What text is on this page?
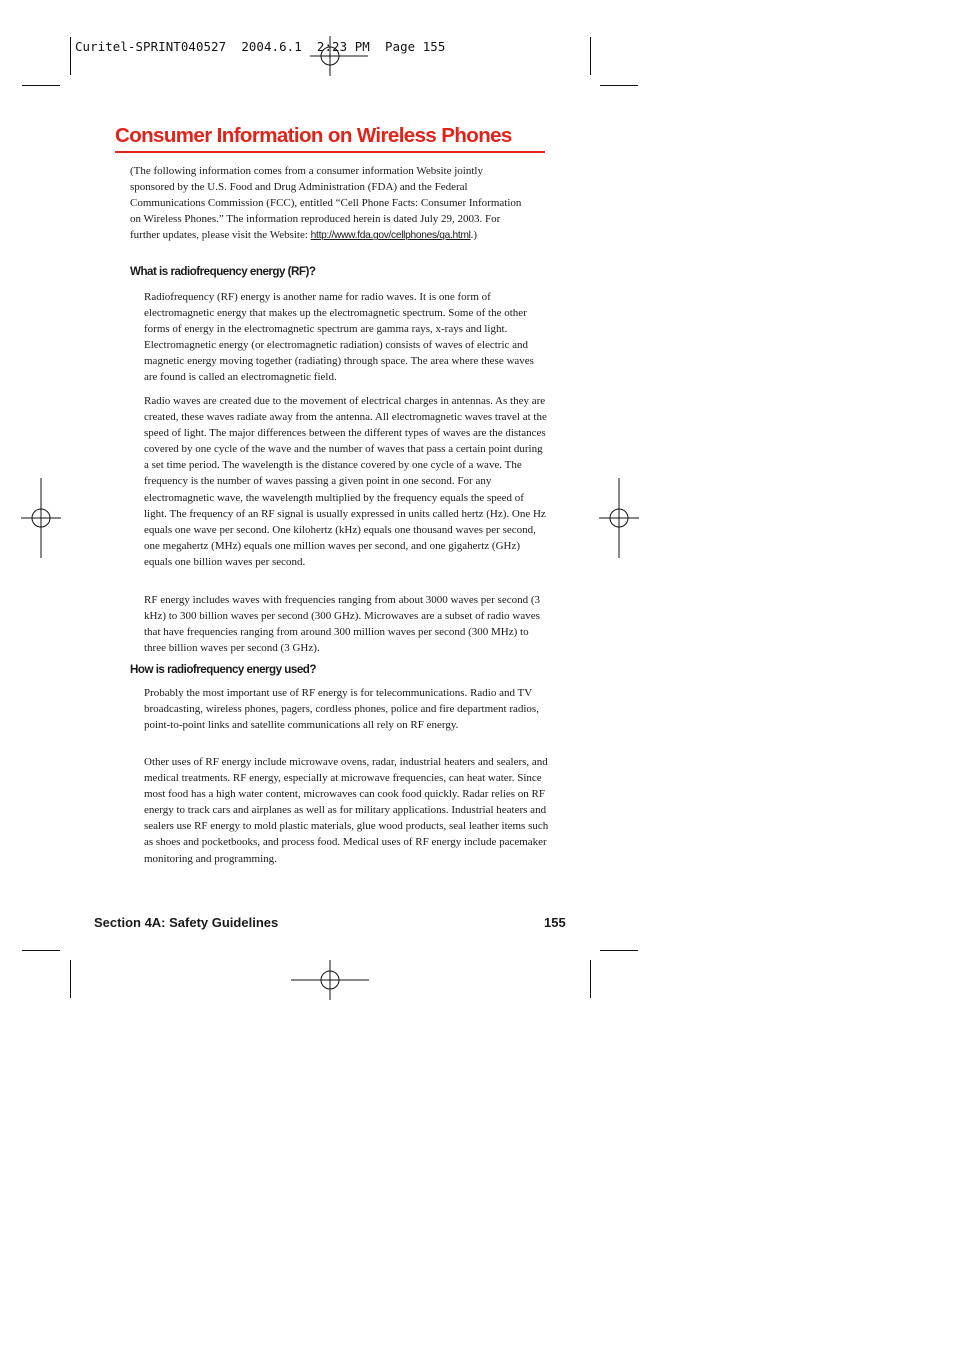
Curitel-SPRINT040527  2004.6.1  2:23 PM  Page 155
Consumer Information on Wireless Phones

(The following information comes from a consumer information Website jointly sponsored by the U.S. Food and Drug Administration (FDA) and the Federal Communications Commission (FCC), entitled “Cell Phone Facts: Consumer Information on Wireless Phones.” The information reproduced herein is dated July 29, 2003. For further updates, please visit the Website: http://www.fda.gov/cellphones/qa.html.)

What is radiofrequency energy (RF)?

Radiofrequency (RF) energy is another name for radio waves. It is one form of electromagnetic energy that makes up the electromagnetic spectrum. Some of the other forms of energy in the electromagnetic spectrum are gamma rays, x-rays and light. Electromagnetic energy (or electromagnetic radiation) consists of waves of electric and magnetic energy moving together (radiating) through space. The area where these waves are found is called an electromagnetic field.

Radio waves are created due to the movement of electrical charges in antennas. As they are created, these waves radiate away from the antenna. All electromagnetic waves travel at the speed of light. The major differences between the different types of waves are the distances covered by one cycle of the wave and the number of waves that pass a certain point during a set time period. The wavelength is the distance covered by one cycle of a wave. The frequency is the number of waves passing a given point in one second. For any electromagnetic wave, the wavelength multiplied by the frequency equals the speed of light. The frequency of an RF signal is usually expressed in units called hertz (Hz). One Hz equals one wave per second. One kilohertz (kHz) equals one thousand waves per second, one megahertz (MHz) equals one million waves per second, and one gigahertz (GHz) equals one billion waves per second.

RF energy includes waves with frequencies ranging from about 3000 waves per second (3 kHz) to 300 billion waves per second (300 GHz). Microwaves are a subset of radio waves that have frequencies ranging from around 300 million waves per second (300 MHz) to three billion waves per second (3 GHz).

How is radiofrequency energy used?

Probably the most important use of RF energy is for telecommunications. Radio and TV broadcasting, wireless phones, pagers, cordless phones, police and fire department radios, point-to-point links and satellite communications all rely on RF energy.

Other uses of RF energy include microwave ovens, radar, industrial heaters and sealers, and medical treatments. RF energy, especially at microwave frequencies, can heat water. Since most food has a high water content, microwaves can cook food quickly. Radar relies on RF energy to track cars and airplanes as well as for military applications. Industrial heaters and sealers use RF energy to mold plastic materials, glue wood products, seal leather items such as shoes and pocketbooks, and process food. Medical uses of RF energy include pacemaker monitoring and programming.

Section 4A: Safety Guidelines	155
